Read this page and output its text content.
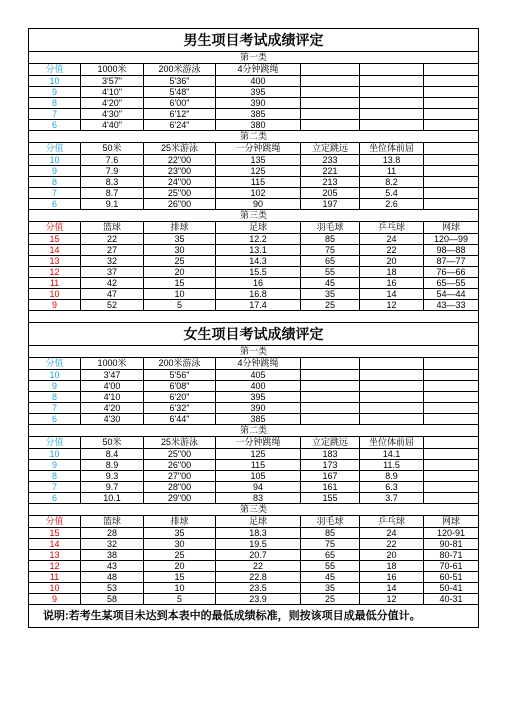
男生项目考试成绩评定						
第一类						
分值	1000米	200米游泳	4分钟跳绳			
10	3'57"	5'36"	400			
9	4'10"	5'48"	395			
8	4'20"	6'00"	390			
7	4'30"	6'12"	385			
6	4'40"	6'24"	380			
第二类						
分值	50米	25米游泳	一分钟跳绳	立定跳远	坐位体前屈	
10	7.6	22"00	135	233	13.8	
9	7.9	23"00	125	221	11	
8	8.3	24"00	115	213	8.2	
7	8.7	25"00	102	205	5.4	
6	9.1	26"00	90	197	2.6	
第三类						
分值	篮球	排球	足球	羽毛球	乒乓球	网球
15	22	35	12.2	85	24	120—99
14	27	30	13.1	75	22	98—88
13	32	25	14.3	65	20	87—77
12	37	20	15.5	55	18	76—66
11	42	15	16	45	16	65—55
10	47	10	16.8	35	14	54—44
9	52	5	17.4	25	12	43—33

女生项目考试成绩评定						
第一类						
分值	1000米	200米游泳	4分钟跳绳			
10	3'47	5'56"	405			
9	4'00	6'08"	400			
8	4'10	6'20"	395			
7	4'20	6'32"	390			
6	4'30	6'44"	385			
第二类						
分值	50米	25米游泳	一分钟跳绳	立定跳远	坐位体前屈	
10	8.4	25"00	125	183	14.1	
9	8.9	26"00	115	173	11.5	
8	9.3	27"00	105	167	8.9	
7	9.7	28"00	94	161	6.3	
6	10.1	29"00	83	155	3.7	
第三类						
分值	篮球	排球	足球	羽毛球	乒乓球	网球
15	28	35	18.3	85	24	120-91
14	32	30	19.5	75	22	90-81
13	38	25	20.7	65	20	80-71
12	43	20	22	55	18	70-61
11	48	15	22.8	45	16	60-51
10	53	10	23.5	35	14	50-41
9	58	5	23.9	25	12	40-31
说明:若考生某项目未达到本表中的最低成绩标准，则按该项目成最低分值计。						
